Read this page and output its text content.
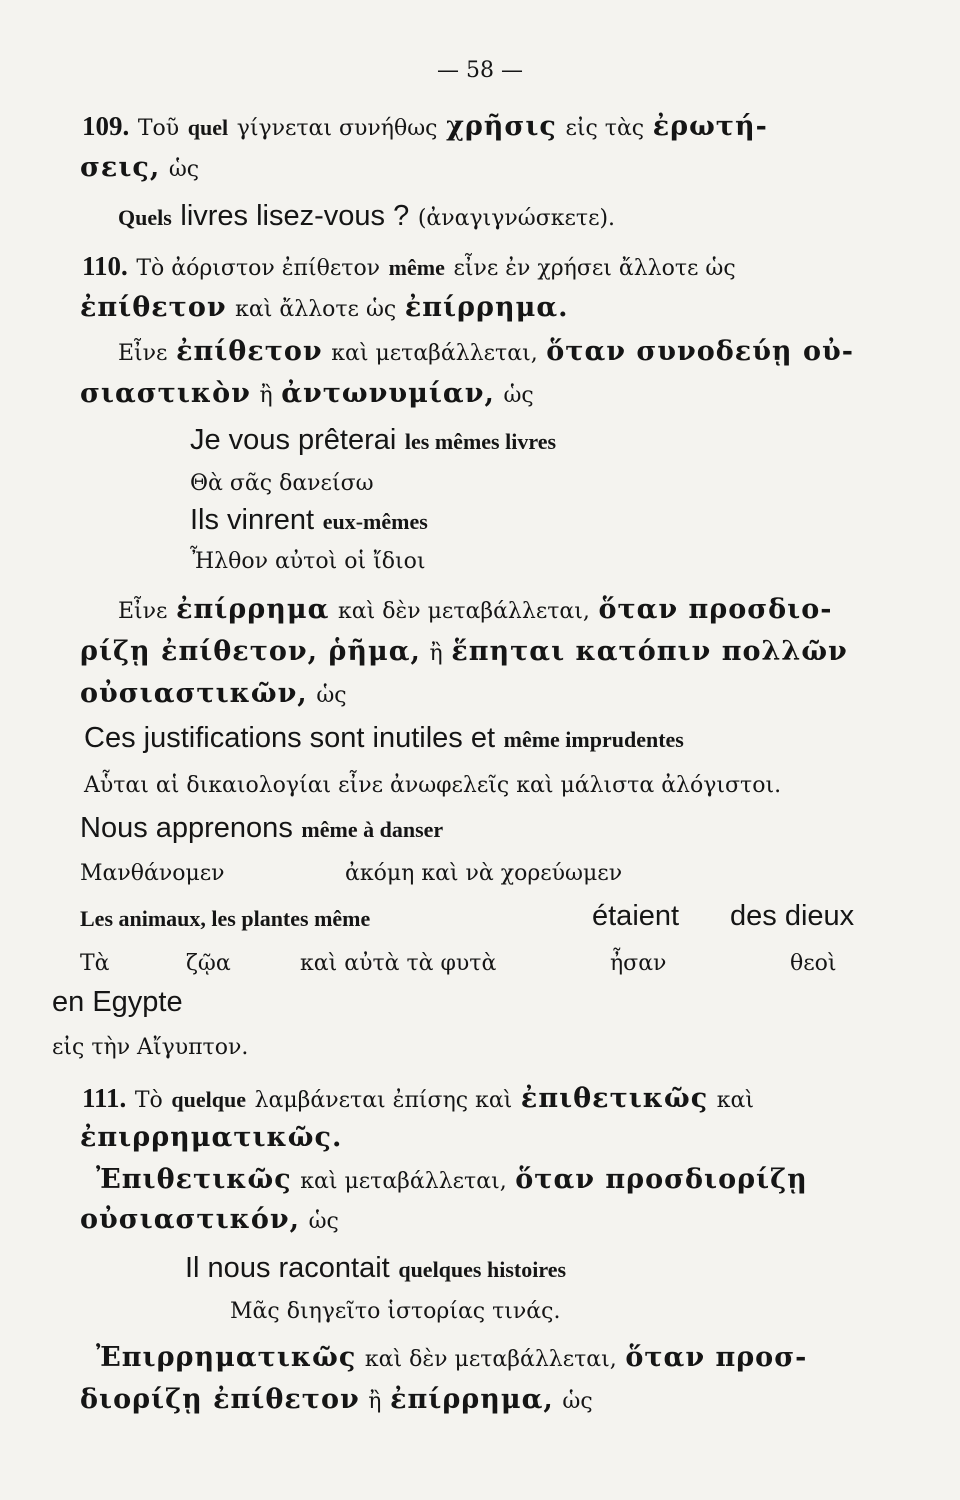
— 58 —
109. Τοῦ quel γίγνεται συνήθως χρῆσις εἰς τὰς ἐρωτή-
σεις, ὡς
Quels livres lisez-vous ? (ἀναγιγνώσκετε).
110. Τὸ ἀόριστον ἐπίθετον même εἶνε ἐν χρήσει ἄλλοτε ὡς
ἐπίθετον καὶ ἄλλοτε ὡς ἐπίρρημα.
Εἶνε ἐπίθετον καὶ μεταβάλλεται, ὅταν συνοδεύῃ οὐ-
σιαστικὸν ἢ ἀντωνυμίαν, ὡς
Je vous prêterai les mêmes livres
Θὰ σᾶς δανείσω
Ils vinrent eux-mêmes
Ἦλθον αὐτοὶ οἱ ἴδιοι
Εἶνε ἐπίρρημα καὶ δὲν μεταβάλλεται, ὅταν προσδιο-
ρίζῃ ἐπίθετον, ῥῆμα, ἢ ἕπηται κατόπιν πολλῶν
οὐσιαστικῶν, ὡς
Ces justifications sont inutiles et même imprudentes
Αὗται αἱ δικαιολογίαι εἶνε ἀνωφελεῖς καὶ μάλιστα ἀλόγιστοι.
Nous apprenons même à danser
Μανθάνομεν	ἀκόμη καὶ νὰ χορεύωμεν
Les animaux, les plantes même	étaient des dieux
Τὰ	ζῷα	καὶ αὐτὰ τὰ φυτὰ	ἦσαν	θεοὶ
en Egypte
εἰς τὴν Αἴγυπτον.
111. Τὸ quelque λαμβάνεται ἐπίσης καὶ ἐπιθετικῶς καὶ
ἐπιρρηματικῶς.
Ἐπιθετικῶς καὶ μεταβάλλεται, ὅταν προσδιορίζῃ
οὐσιαστικόν, ὡς
Il nous racontait quelques histoires
Μᾶς διηγεῖτο ἱστορίας τινάς.
Ἐπιρρηματικῶς καὶ δὲν μεταβάλλεται, ὅταν προσ-
διορίζῃ ἐπίθετον ἢ ἐπίρρημα, ὡς
